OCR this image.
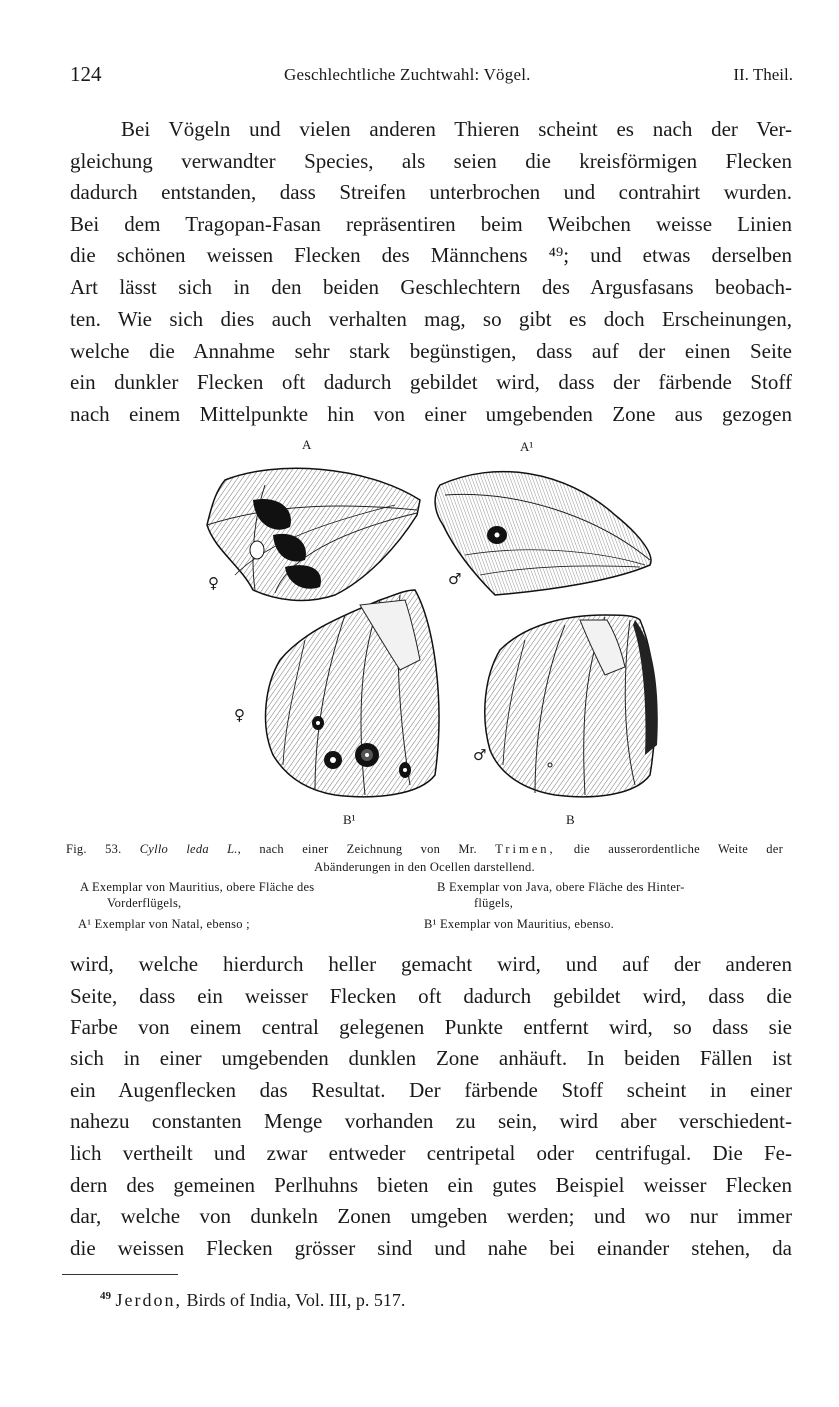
124	Geschlechtliche Zuchtwahl: Vögel.	II. Theil.
Bei Vögeln und vielen anderen Thieren scheint es nach der Ver-
gleichung verwandter Species, als seien die kreisförmigen Flecken
dadurch entstanden, dass Streifen unterbrochen und contrahirt wurden.
Bei dem Tragopan-Fasan repräsentiren beim Weibchen weisse Linien
die schönen weissen Flecken des Männchens ⁴⁹; und etwas derselben
Art lässt sich in den beiden Geschlechtern des Argusfasans beobach-
ten. Wie sich dies auch verhalten mag, so gibt es doch Erscheinungen,
welche die Annahme sehr stark begünstigen, dass auf der einen Seite
ein dunkler Flecken oft dadurch gebildet wird, dass der färbende Stoff
nach einem Mittelpunkte hin von einer umgebenden Zone aus gezogen
A	A¹
B¹	B
♀	♂
♀
♂
Fig. 53. Cyllo leda L., nach einer Zeichnung von Mr. Trimen, die ausserordentliche Weite der
Abänderungen in den Ocellen darstellend.
A Exemplar von Mauritius, obere Fläche des
Vorderflügels,
A¹ Exemplar von Natal, ebenso ;
B Exemplar von Java, obere Fläche des Hinter-
flügels,
B¹ Exemplar von Mauritius, ebenso.
wird, welche hierdurch heller gemacht wird, und auf der anderen
Seite, dass ein weisser Flecken oft dadurch gebildet wird, dass die
Farbe von einem central gelegenen Punkte entfernt wird, so dass sie
sich in einer umgebenden dunklen Zone anhäuft. In beiden Fällen ist
ein Augenflecken das Resultat. Der färbende Stoff scheint in einer
nahezu constanten Menge vorhanden zu sein, wird aber verschiedent-
lich vertheilt und zwar entweder centripetal oder centrifugal. Die Fe-
dern des gemeinen Perlhuhns bieten ein gutes Beispiel weisser Flecken
dar, welche von dunkeln Zonen umgeben werden; und wo nur immer
die weissen Flecken grösser sind und nahe bei einander stehen, da
$^{49}$ Jerdon, Birds of India, Vol. III, p. 517.
